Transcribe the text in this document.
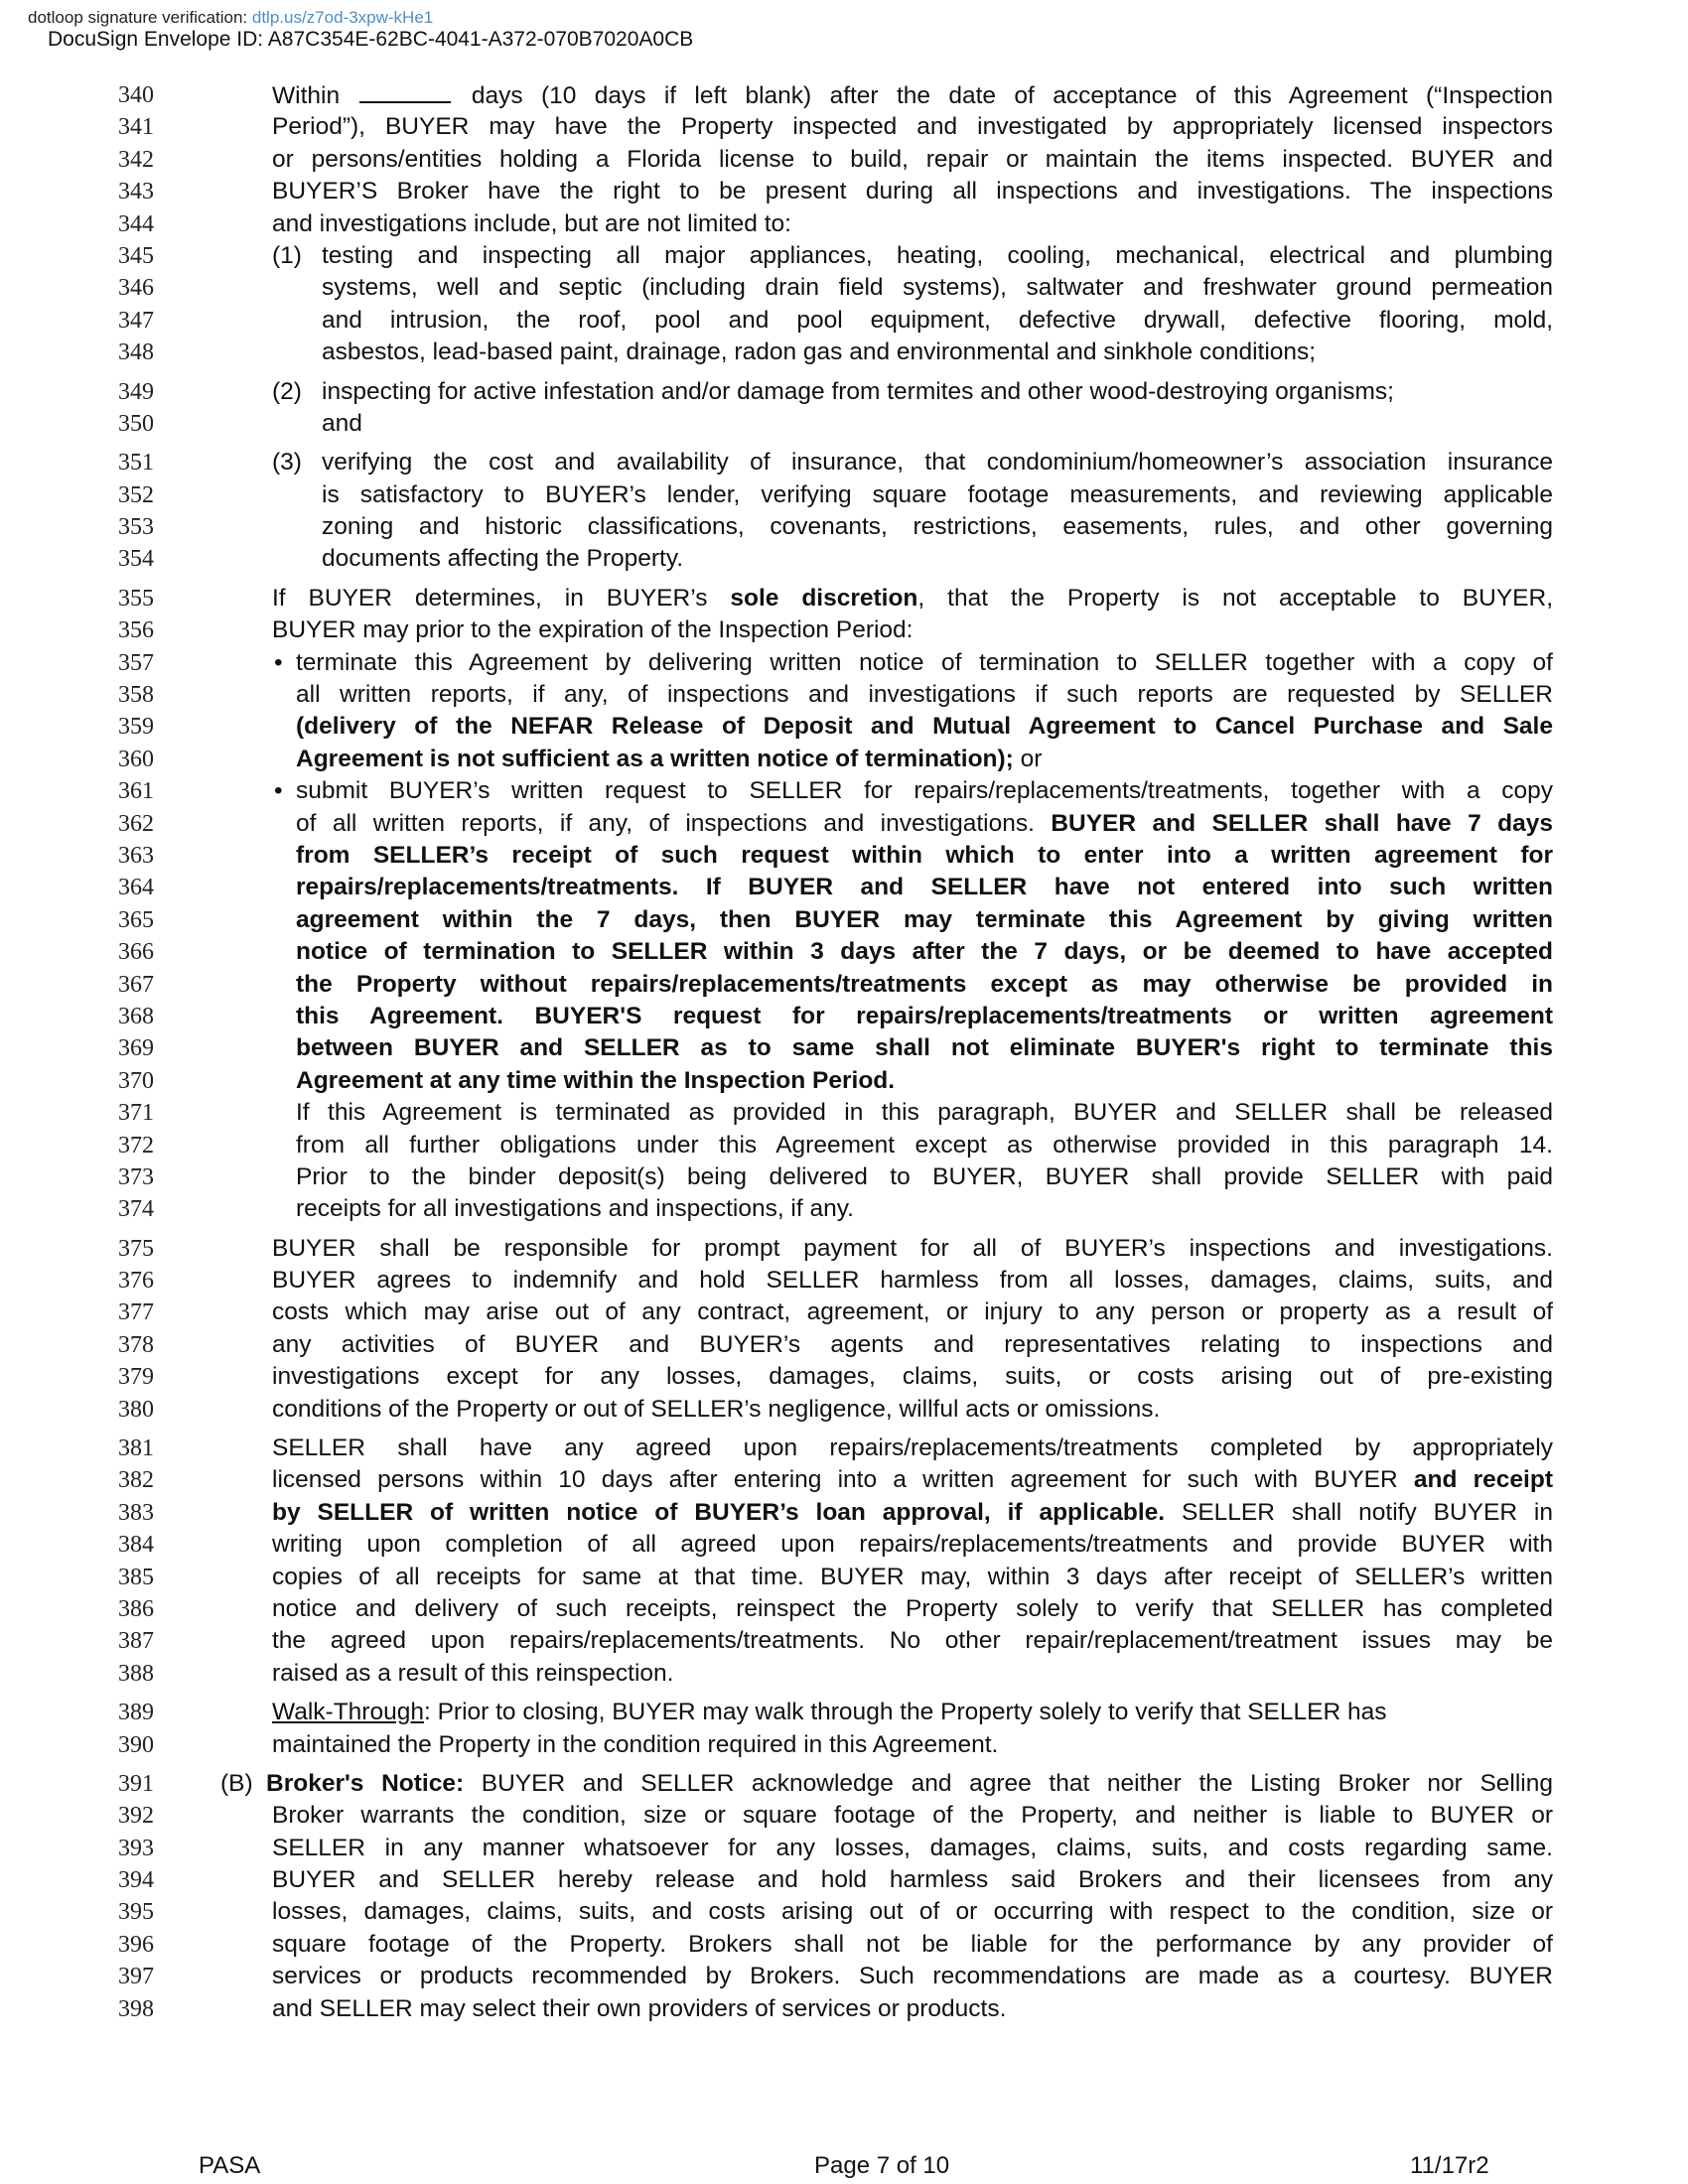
dotloop signature verification: dtlp.us/z7od-3xpw-kHe1
DocuSign Envelope ID: A87C354E-62BC-4041-A372-070B7020A0CB
340	Within	days (10 days if left blank) after the date of acceptance of this Agreement (“Inspection
341	Period”), BUYER may have the Property inspected and investigated by appropriately licensed inspectors
342	or persons/entities holding a Florida license to build, repair or maintain the items inspected. BUYER and
343	BUYER’S Broker have the right to be present during all inspections and investigations. The inspections
344	and investigations include, but are not limited to:
345	(1) testing and inspecting all major appliances, heating, cooling, mechanical, electrical and plumbing
346	systems, well and septic (including drain field systems), saltwater and freshwater ground permeation
347	and intrusion, the roof, pool and pool equipment, defective drywall, defective flooring, mold,
348	asbestos, lead-based paint, drainage, radon gas and environmental and sinkhole conditions;
349	(2) inspecting for active infestation and/or damage from termites and other wood-destroying organisms;
350	and
351	(3) verifying the cost and availability of insurance, that condominium/homeowner’s association insurance
352	is satisfactory to BUYER’s lender, verifying square footage measurements, and reviewing applicable
353	zoning and historic classifications, covenants, restrictions, easements, rules, and other governing
354	documents affecting the Property.
355	If BUYER determines, in BUYER’s sole discretion, that the Property is not acceptable to BUYER,
356	BUYER may prior to the expiration of the Inspection Period:
357	• terminate this Agreement by delivering written notice of termination to SELLER together with a copy of
358	all written reports, if any, of inspections and investigations if such reports are requested by SELLER
359	(delivery of the NEFAR Release of Deposit and Mutual Agreement to Cancel Purchase and Sale
360	Agreement is not sufficient as a written notice of termination); or
361	• submit BUYER’s written request to SELLER for repairs/replacements/treatments, together with a copy
362	of all written reports, if any, of inspections and investigations. BUYER and SELLER shall have 7 days
363	from SELLER’s receipt of such request within which to enter into a written agreement for
364	repairs/replacements/treatments. If BUYER and SELLER have not entered into such written
365	agreement within the 7 days, then BUYER may terminate this Agreement by giving written
366	notice of termination to SELLER within 3 days after the 7 days, or be deemed to have accepted
367	the Property without repairs/replacements/treatments except as may otherwise be provided in
368	this Agreement. BUYER'S request for repairs/replacements/treatments or written agreement
369	between BUYER and SELLER as to same shall not eliminate BUYER's right to terminate this
370	Agreement at any time within the Inspection Period.
371	If this Agreement is terminated as provided in this paragraph, BUYER and SELLER shall be released
372	from all further obligations under this Agreement except as otherwise provided in this paragraph 14.
373	Prior to the binder deposit(s) being delivered to BUYER, BUYER shall provide SELLER with paid
374	receipts for all investigations and inspections, if any.
375	BUYER shall be responsible for prompt payment for all of BUYER’s inspections and investigations.
376	BUYER agrees to indemnify and hold SELLER harmless from all losses, damages, claims, suits, and
377	costs which may arise out of any contract, agreement, or injury to any person or property as a result of
378	any activities of BUYER and BUYER’s agents and representatives relating to inspections and
379	investigations except for any losses, damages, claims, suits, or costs arising out of pre-existing
380	conditions of the Property or out of SELLER’s negligence, willful acts or omissions.
381	SELLER shall have any agreed upon repairs/replacements/treatments completed by appropriately
382	licensed persons within 10 days after entering into a written agreement for such with BUYER and receipt
383	by SELLER of written notice of BUYER’s loan approval, if applicable. SELLER shall notify BUYER in
384	writing upon completion of all agreed upon repairs/replacements/treatments and provide BUYER with
385	copies of all receipts for same at that time. BUYER may, within 3 days after receipt of SELLER’s written
386	notice and delivery of such receipts, reinspect the Property solely to verify that SELLER has completed
387	the agreed upon repairs/replacements/treatments. No other repair/replacement/treatment issues may be
388	raised as a result of this reinspection.
389	Walk-Through: Prior to closing, BUYER may walk through the Property solely to verify that SELLER has
390	maintained the Property in the condition required in this Agreement.
391	(B) Broker's Notice: BUYER and SELLER acknowledge and agree that neither the Listing Broker nor Selling
392	Broker warrants the condition, size or square footage of the Property, and neither is liable to BUYER or
393	SELLER in any manner whatsoever for any losses, damages, claims, suits, and costs regarding same.
394	BUYER and SELLER hereby release and hold harmless said Brokers and their licensees from any
395	losses, damages, claims, suits, and costs arising out of or occurring with respect to the condition, size or
396	square footage of the Property. Brokers shall not be liable for the performance by any provider of
397	services or products recommended by Brokers. Such recommendations are made as a courtesy. BUYER
398	and SELLER may select their own providers of services or products.
PASA	Page 7 of 10	11/17r2
